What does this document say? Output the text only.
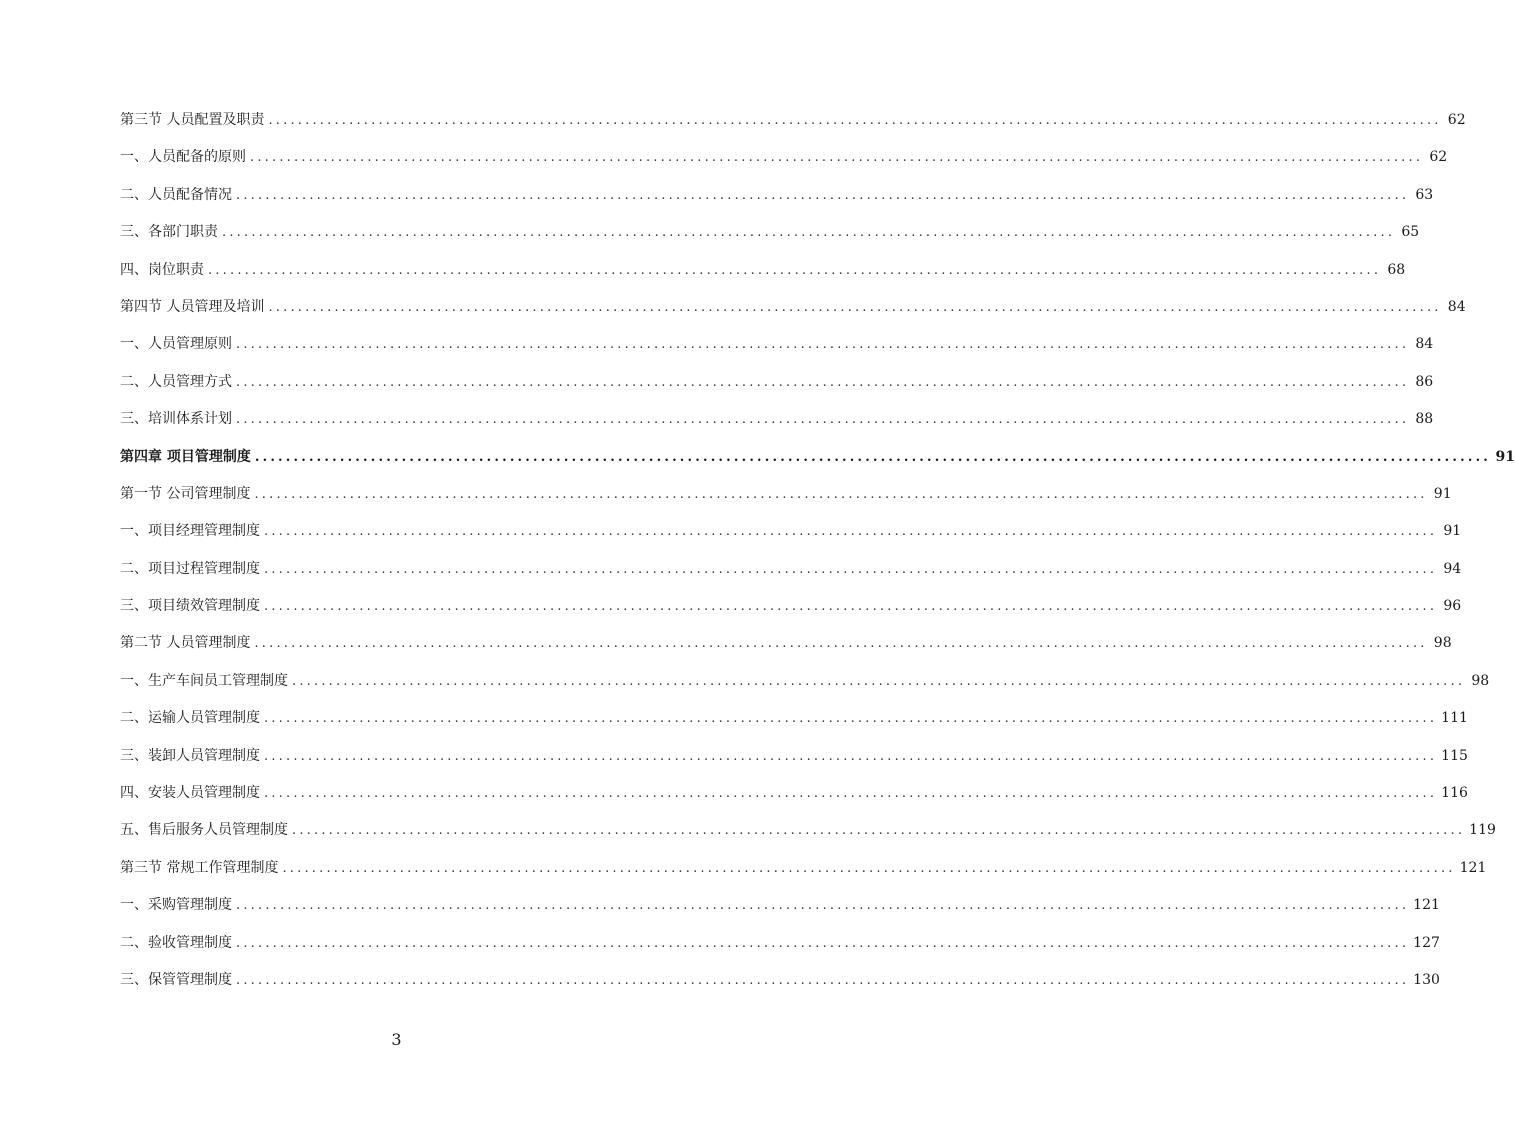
第三节 人员配置及职责 ................................................................................................................................................................ 62
一、人员配备的原则 ................................................................................................................................................................ 62
二、人员配备情况 ................................................................................................................................................................ 63
三、各部门职责 ................................................................................................................................................................ 65
四、岗位职责 ................................................................................................................................................................ 68
第四节 人员管理及培训 ................................................................................................................................................................ 84
一、人员管理原则 ................................................................................................................................................................ 84
二、人员管理方式 ................................................................................................................................................................ 86
三、培训体系计划 ................................................................................................................................................................ 88
第四章 项目管理制度 ................................................................................................................................................................ 91
第一节 公司管理制度 ................................................................................................................................................................ 91
一、项目经理管理制度 ................................................................................................................................................................ 91
二、项目过程管理制度 ................................................................................................................................................................ 94
三、项目绩效管理制度 ................................................................................................................................................................ 96
第二节 人员管理制度 ................................................................................................................................................................ 98
一、生产车间员工管理制度 ................................................................................................................................................................ 98
二、运输人员管理制度 ................................................................................................................................................................ 111
三、装卸人员管理制度 ................................................................................................................................................................ 115
四、安装人员管理制度 ................................................................................................................................................................ 116
五、售后服务人员管理制度 ................................................................................................................................................................ 119
第三节 常规工作管理制度 ................................................................................................................................................................ 121
一、采购管理制度 ................................................................................................................................................................ 121
二、验收管理制度 ................................................................................................................................................................ 127
三、保管管理制度 ................................................................................................................................................................ 130
3
